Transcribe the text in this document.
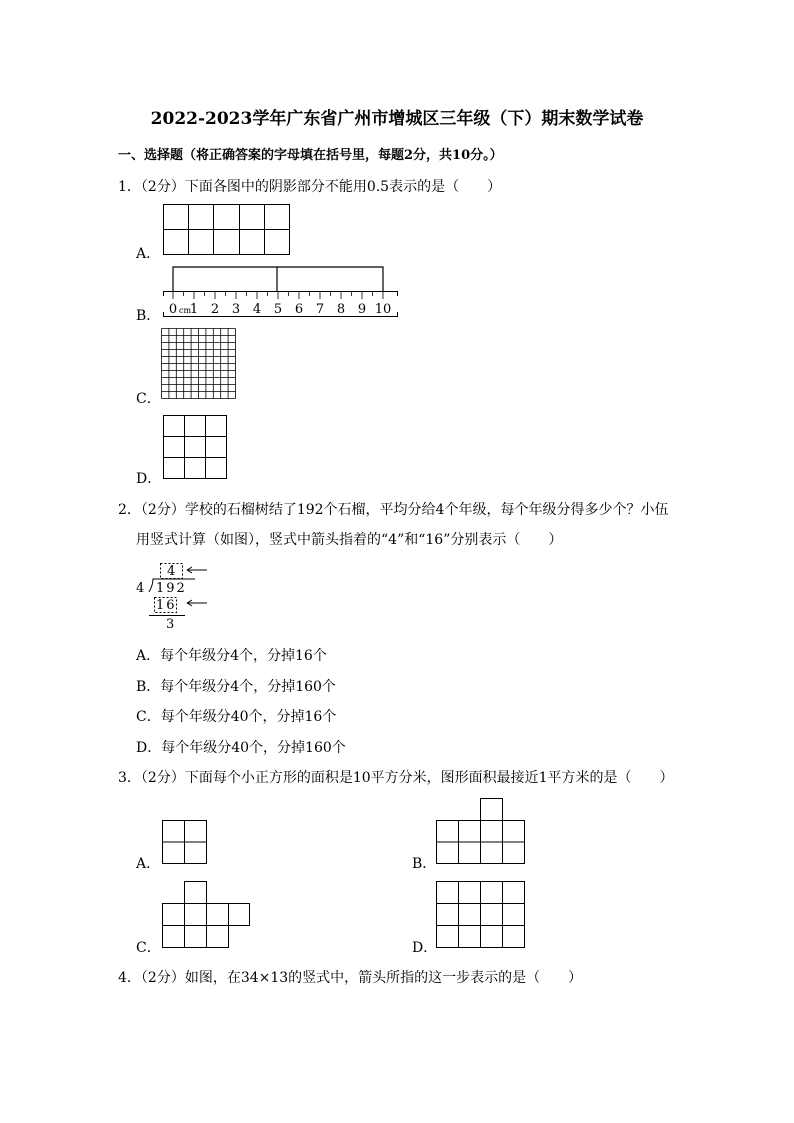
2022-2023学年广东省广州市增城区三年级（下）期末数学试卷
一、选择题（将正确答案的字母填在括号里，每题2分，共10分。）
1．（2分）下面各图中的阴影部分不能用0.5表示的是（　　）
A．
B． 0 1 2 3 4 5 6 7 8 9 10
cm
C．
D．
2．（2分）学校的石榴树结了192个石榴，平均分给4个年级，每个年级分得多少个？小伍
用竖式计算（如图），竖式中箭头指着的“4”和“16”分别表示（　　）
4
4 192
16
3
A．每个年级分4个，分掉16个
B．每个年级分4个，分掉160个
C．每个年级分40个，分掉16个
D．每个年级分40个，分掉160个
3．（2分）下面每个小正方形的面积是10平方分米，图形面积最接近1平方米的是（　　）
A．	B．
C．	D．
4．（2分）如图，在34×13的竖式中，箭头所指的这一步表示的是（　　）
